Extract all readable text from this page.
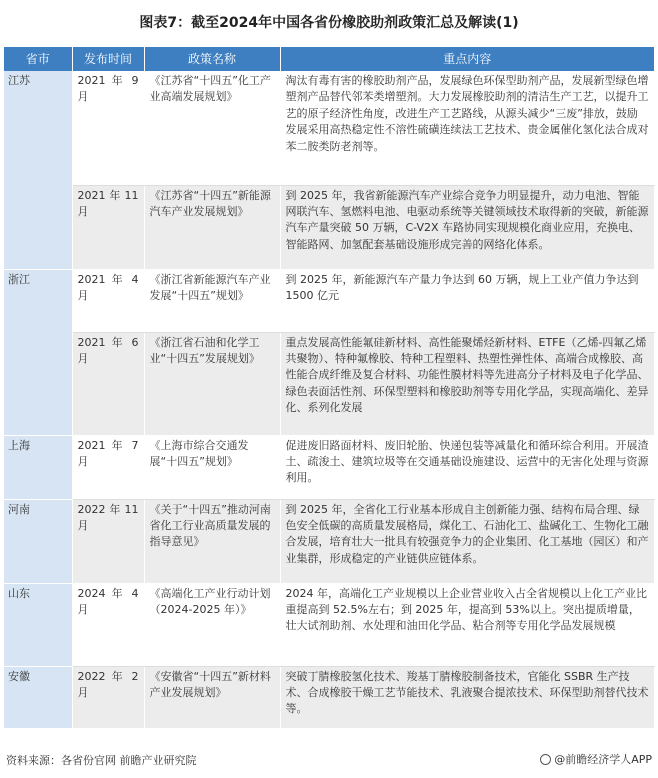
图表7：截至2024年中国各省份橡胶助剂政策汇总及解读(1)
省市	发布时间	政策名称	重点内容
江苏	2021 年 9 月	《江苏省“十四五”化工产业高端发展规划》	淘汰有毒有害的橡胶助剂产品，发展绿色环保型助剂产品，发展新型绿色增塑剂产品替代邻苯类增塑剂。大力发展橡胶助剂的清洁生产工艺，以提升工艺的原子经济性角度，改进生产工艺路线，从源头减少“三废”排放，鼓励发展采用高热稳定性不溶性硫磺连续法工艺技术、贵金属催化氢化法合成对苯二胺类防老剂等。
	2021 年 11 月	《江苏省“十四五”新能源汽车产业发展规划》	到 2025 年，我省新能源汽车产业综合竞争力明显提升，动力电池、智能网联汽车、氢燃料电池、电驱动系统等关键领域技术取得新的突破，新能源汽车产量突破 50 万辆，C-V2X 车路协同实现规模化商业应用，充换电、智能路网、加氢配套基础设施形成完善的网络化体系。
浙江	2021 年 4 月	《浙江省新能源汽车产业发展“十四五”规划》	到 2025 年，新能源汽车产量力争达到 60 万辆，规上工业产值力争达到 1500 亿元
	2021 年 6 月	《浙江省石油和化学工业“十四五”发展规划》	重点发展高性能氟硅新材料、高性能聚烯烃新材料、ETFE（乙烯-四氟乙烯共聚物）、特种氟橡胶、特种工程塑料、热塑性弹性体、高端合成橡胶、高性能合成纤维及复合材料、功能性膜材料等先进高分子材料及电子化学品、绿色表面活性剂、环保型塑料和橡胶助剂等专用化学品，实现高端化、差异化、系列化发展
上海	2021 年 7 月	《上海市综合交通发展“十四五”规划》	促进废旧路面材料、废旧轮胎、快递包装等减量化和循环综合利用。开展渣土、疏浚土、建筑垃圾等在交通基础设施建设、运营中的无害化处理与资源利用。
河南	2022 年 11 月	《关于“十四五”推动河南省化工行业高质量发展的指导意见》	到 2025 年，全省化工行业基本形成自主创新能力强、结构布局合理、绿色安全低碳的高质量发展格局，煤化工、石油化工、盐碱化工、生物化工融合发展，培育壮大一批具有较强竞争力的企业集团、化工基地（园区）和产业集群，形成稳定的产业链供应链体系。
山东	2024 年 4 月	《高端化工产业行动计划（2024-2025 年）》	2024 年，高端化工产业规模以上企业营业收入占全省规模以上化工产业比重提高到 52.5%左右；到 2025 年，提高到 53%以上。突出提质增量，壮大试剂助剂、水处理和油田化学品、粘合剂等专用化学品发展规模
安徽	2022 年 2 月	《安徽省“十四五”新材料产业发展规划》	突破丁腈橡胶氢化技术、羧基丁腈橡胶制备技术，官能化 SSBR 生产技术、合成橡胶干燥工艺节能技术、乳液聚合提浓技术、环保型助剂替代技术等。
资料来源：各省份官网 前瞻产业研究院	@前瞻经济学人APP
